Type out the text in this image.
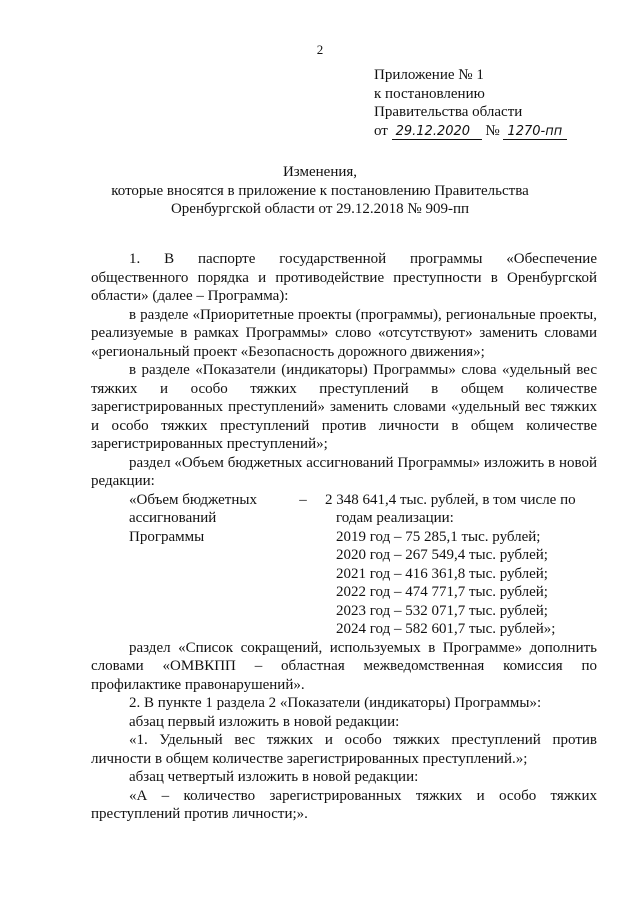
2
Приложение № 1
к постановлению
Правительства области
от 29.12.2020 № 1270-пп
Изменения,
которые вносятся в приложение к постановлению Правительства
Оренбургской области от 29.12.2018 № 909-пп

1. В паспорте государственной программы «Обеспечение общественного порядка и противодействие преступности в Оренбургской области» (далее – Программа):

в разделе «Приоритетные проекты (программы), региональные проекты, реализуемые в рамках Программы» слово «отсутствуют» заменить словами «региональный проект «Безопасность дорожного движения»;

в разделе «Показатели (индикаторы) Программы» слова «удельный вес тяжких и особо тяжких преступлений в общем количестве зарегистрированных преступлений» заменить словами «удельный вес тяжких и особо тяжких преступлений против личности в общем количестве зарегистрированных преступлений»;

раздел «Объем бюджетных ассигнований Программы» изложить в новой редакции:

«Объем бюджетных ассигнований Программы
–	2 348 641,4 тыс. рублей, в том числе по
годам реализации:
2019 год – 75 285,1 тыс. рублей;
2020 год – 267 549,4 тыс. рублей;
2021 год – 416 361,8 тыс. рублей;
2022 год – 474 771,7 тыс. рублей;
2023 год – 532 071,7 тыс. рублей;
2024 год – 582 601,7 тыс. рублей»;

раздел «Список сокращений, используемых в Программе» дополнить словами «ОМВКПП – областная межведомственная комиссия по профилактике правонарушений».

2. В пункте 1 раздела 2 «Показатели (индикаторы) Программы»:

абзац первый изложить в новой редакции:

«1. Удельный вес тяжких и особо тяжких преступлений против личности в общем количестве зарегистрированных преступлений.»;

абзац четвертый изложить в новой редакции:

«А – количество зарегистрированных тяжких и особо тяжких преступлений против личности;».
